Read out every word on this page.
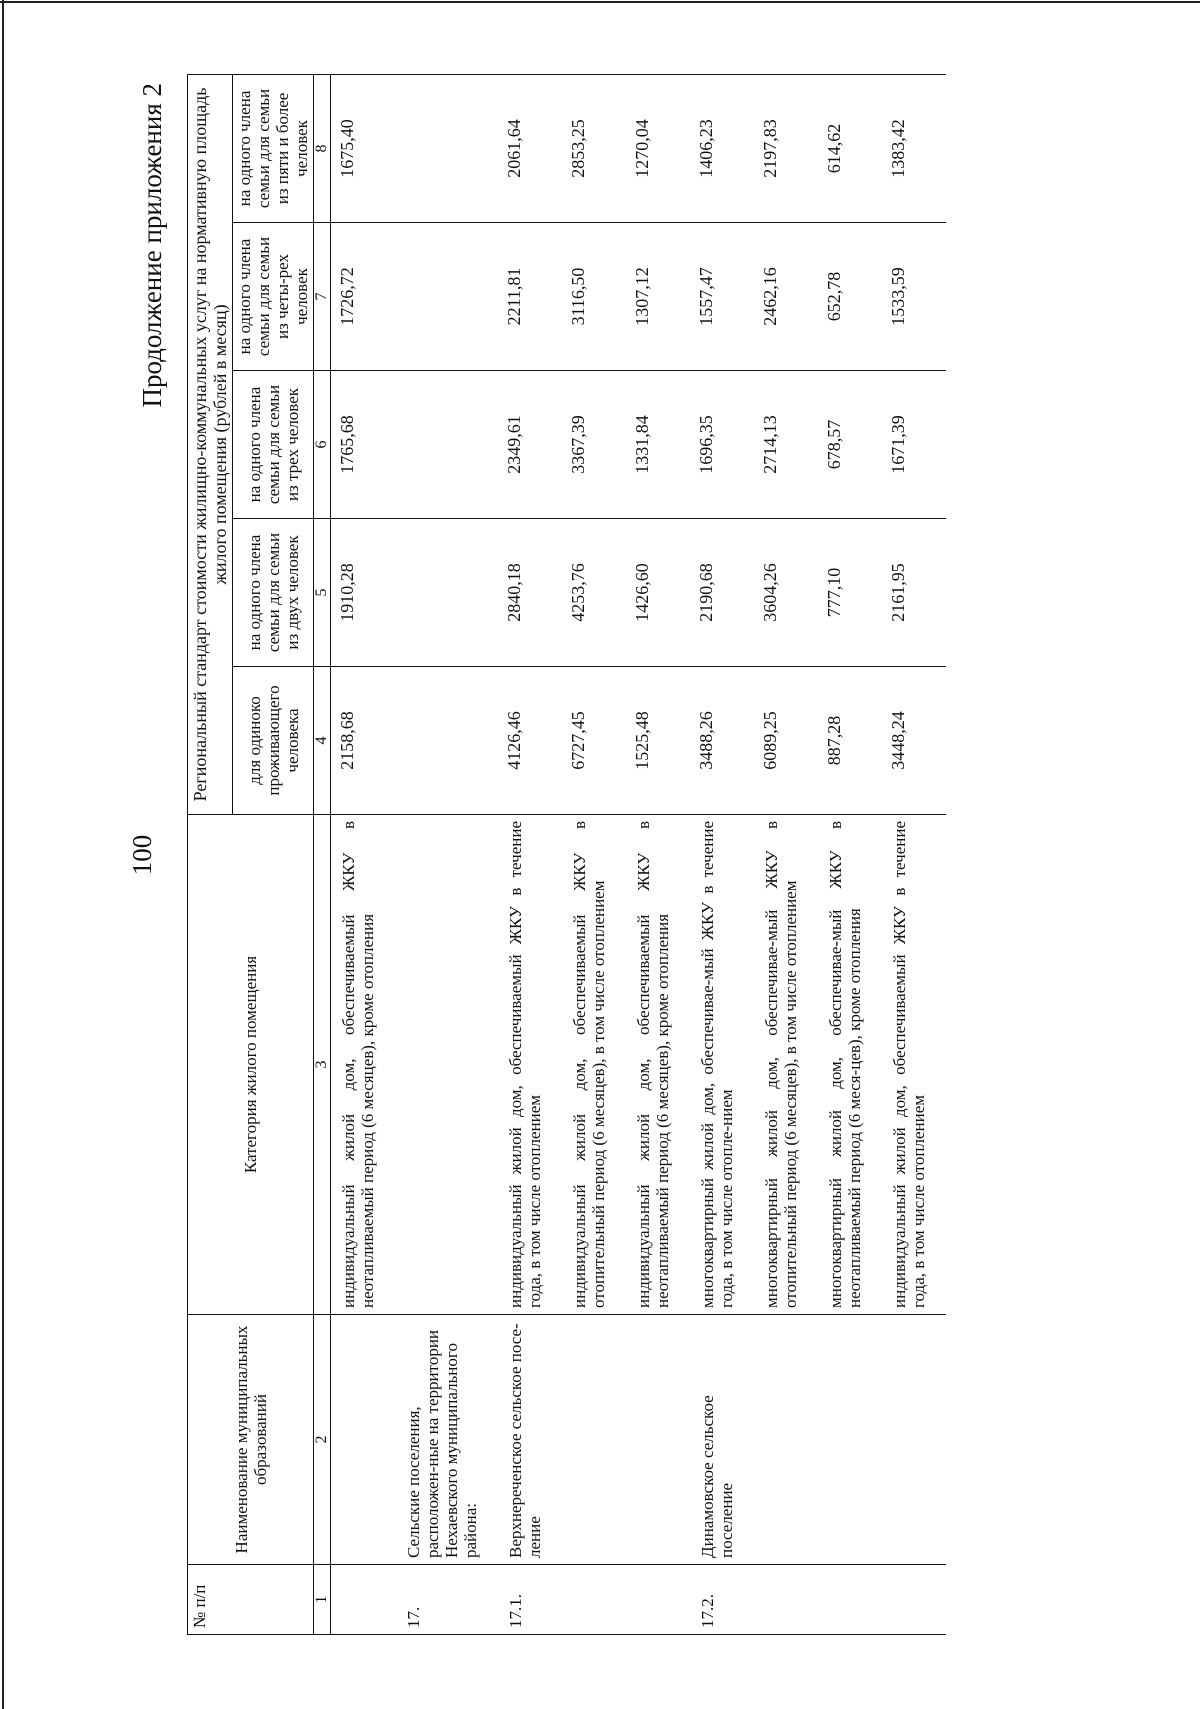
100
Продолжение приложения 2
№ п/п	Наименование муниципальных образований	Категория жилого помещения	Региональный стандарт стоимости жилищно-коммунальных услуг на нормативную площадь жилого помещения (рублей в месяц)				
			для одиноко проживающего человека	на одного члена семьи для семьи из двух человек	на одного члена семьи для семьи из трех человек	на одного члена семьи для семьи из четы-рех человек	на одного члена семьи для семьи из пяти и более человек
1	2	3	4	5	6	7	8
		индивидуальный жилой дом, обеспечиваемый ЖКУ в неотапливаемый период (6 месяцев), кроме отопления	2158,68	1910,28	1765,68	1726,72	1675,40
17.	Сельские поселения, расположен-ные на территории Нехаевского муниципального района:						
17.1.	Верхнереченское сельское посе-ление	индивидуальный жилой дом, обеспечиваемый ЖКУ в течение года, в том числе отоплением	4126,46	2840,18	2349,61	2211,81	2061,64
		индивидуальный жилой дом, обеспечиваемый ЖКУ в отопительный период (6 месяцев), в том числе отоплением	6727,45	4253,76	3367,39	3116,50	2853,25
		индивидуальный жилой дом, обеспечиваемый ЖКУ в неотапливаемый период (6 месяцев), кроме отопления	1525,48	1426,60	1331,84	1307,12	1270,04
17.2.	Динамовское сельское поселение	многоквартирный жилой дом, обеспечивае-мый ЖКУ в течение года, в том числе отопле-нием	3488,26	2190,68	1696,35	1557,47	1406,23
		многоквартирный жилой дом, обеспечивае-мый ЖКУ в отопительный период (6 месяцев), в том числе отоплением	6089,25	3604,26	2714,13	2462,16	2197,83
		многоквартирный жилой дом, обеспечивае-мый ЖКУ в неотапливаемый период (6 меся-цев), кроме отопления	887,28	777,10	678,57	652,78	614,62
		индивидуальный жилой дом, обеспечиваемый ЖКУ в течение года, в том числе отоплением	3448,24	2161,95	1671,39	1533,59	1383,42
